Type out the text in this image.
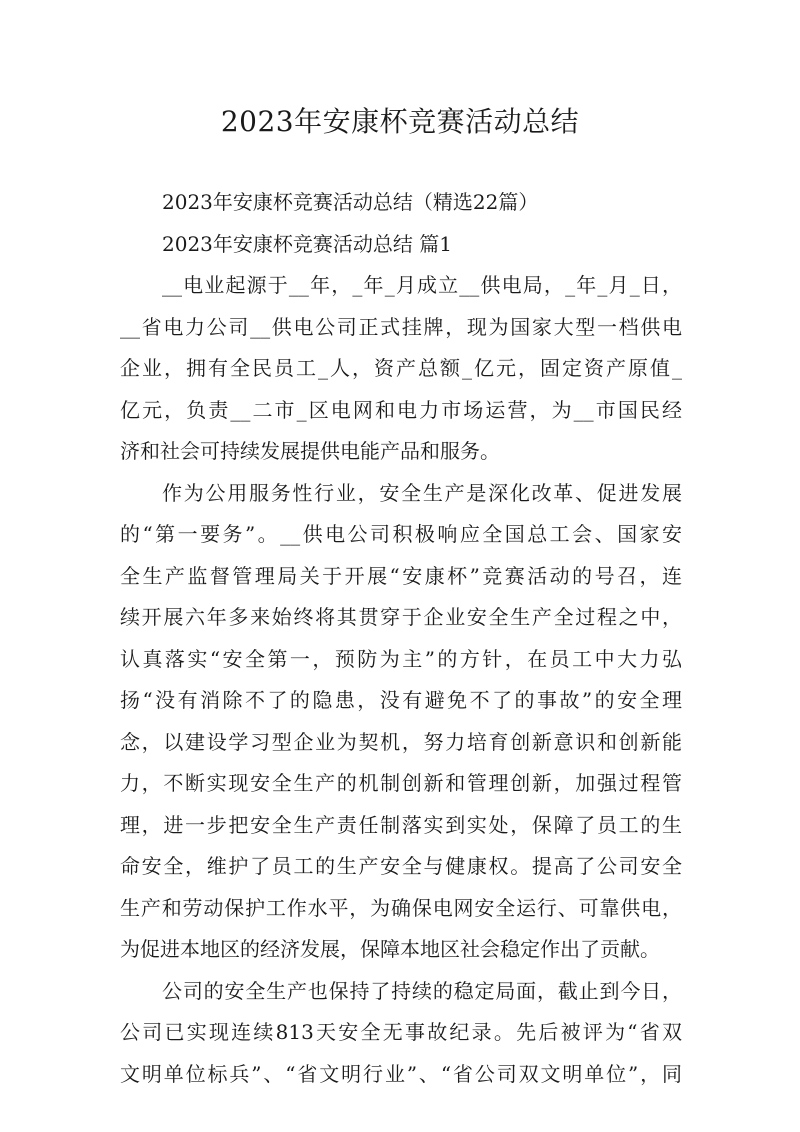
2023年安康杯竞赛活动总结
2023年安康杯竞赛活动总结（精选22篇）
2023年安康杯竞赛活动总结 篇1
__电业起源于__年，_年_月成立__供电局，_年_月_日，
__省电力公司__供电公司正式挂牌，现为国家大型一档供电
企业，拥有全民员工_人，资产总额_亿元，固定资产原值_
亿元，负责__二市_区电网和电力市场运营，为__市国民经
济和社会可持续发展提供电能产品和服务。
作为公用服务性行业，安全生产是深化改革、促进发展
的“第一要务”。__供电公司积极响应全国总工会、国家安
全生产监督管理局关于开展“安康杯”竞赛活动的号召，连
续开展六年多来始终将其贯穿于企业安全生产全过程之中，
认真落实“安全第一，预防为主”的方针，在员工中大力弘
扬“没有消除不了的隐患，没有避免不了的事故”的安全理
念，以建设学习型企业为契机，努力培育创新意识和创新能
力，不断实现安全生产的机制创新和管理创新，加强过程管
理，进一步把安全生产责任制落实到实处，保障了员工的生
命安全，维护了员工的生产安全与健康权。提高了公司安全
生产和劳动保护工作水平，为确保电网安全运行、可靠供电，
为促进本地区的经济发展，保障本地区社会稳定作出了贡献。
公司的安全生产也保持了持续的稳定局面，截止到今日，
公司已实现连续813天安全无事故纪录。先后被评为“省双
文明单位标兵”、“省文明行业”、“省公司双文明单位”，同
